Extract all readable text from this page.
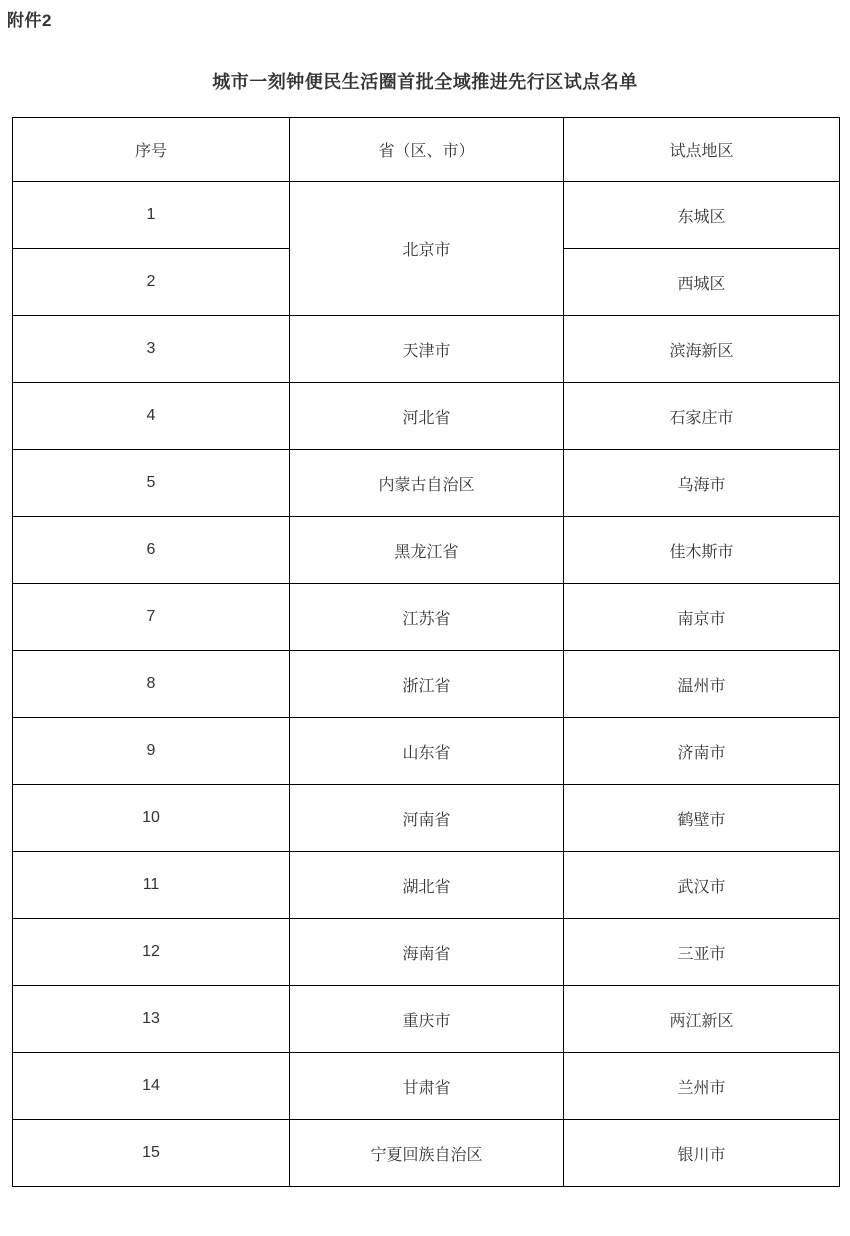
附件2
城市一刻钟便民生活圈首批全域推进先行区试点名单
序号	省（区、市）	试点地区
1	北京市	东城区
2		西城区
3	天津市	滨海新区
4	河北省	石家庄市
5	内蒙古自治区	乌海市
6	黑龙江省	佳木斯市
7	江苏省	南京市
8	浙江省	温州市
9	山东省	济南市
10	河南省	鹤壁市
11	湖北省	武汉市
12	海南省	三亚市
13	重庆市	两江新区
14	甘肃省	兰州市
15	宁夏回族自治区	银川市
